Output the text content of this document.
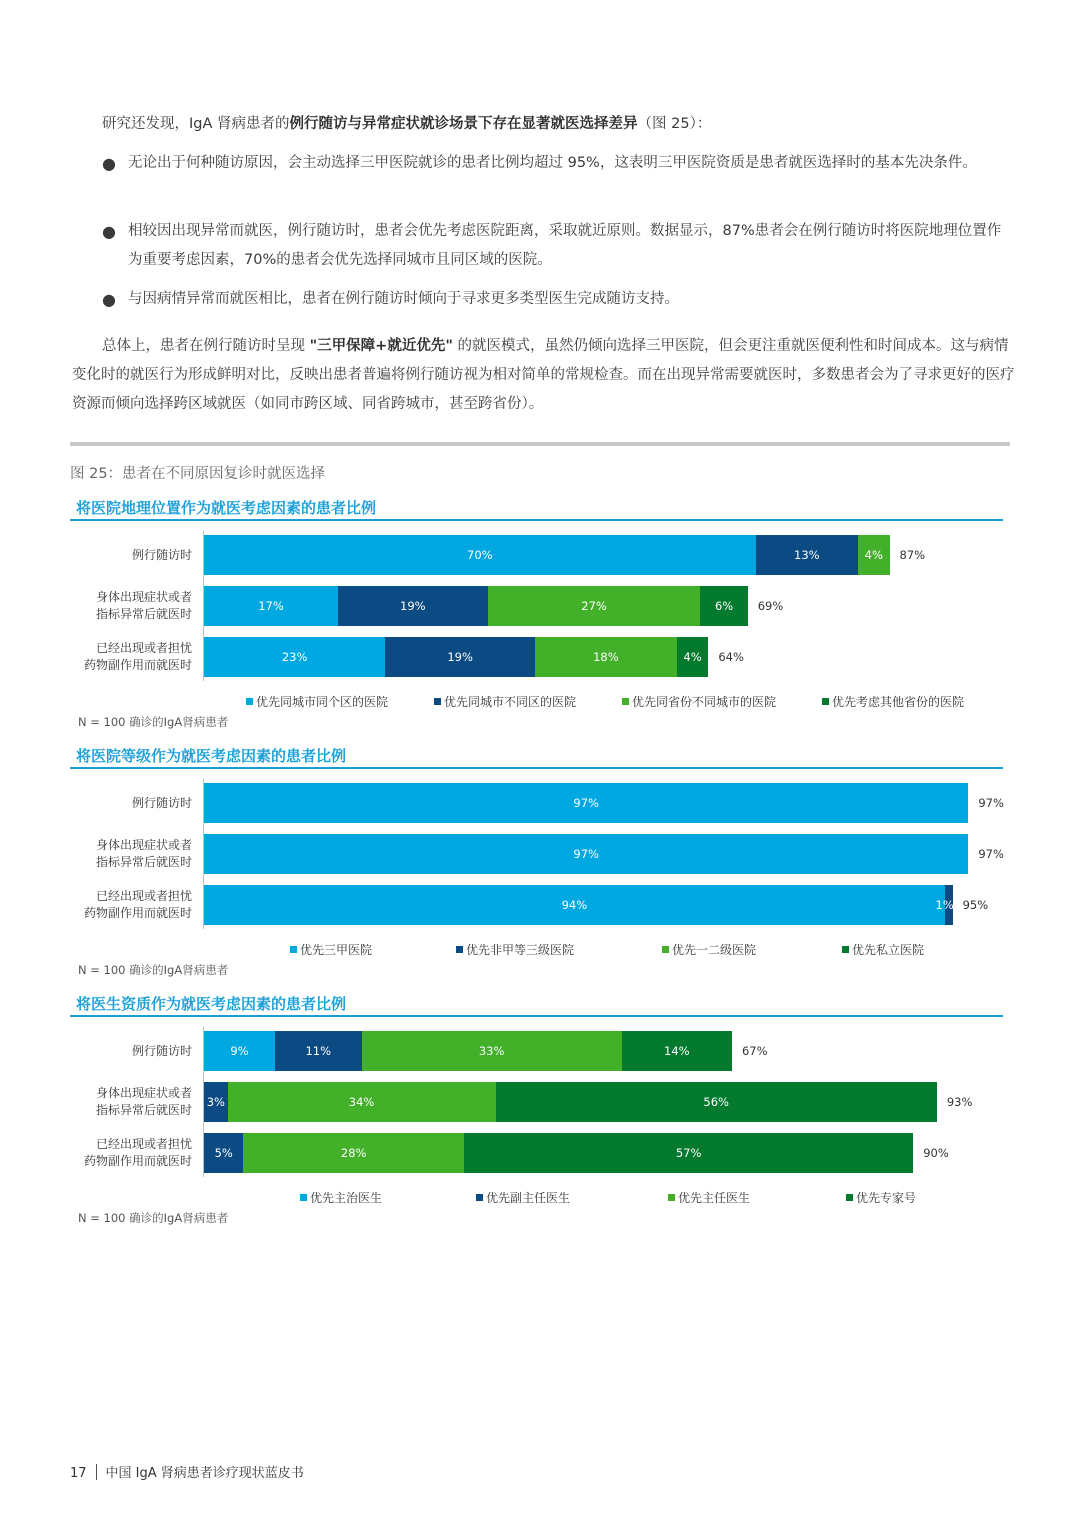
研究还发现，IgA 肾病患者的例行随访与异常症状就诊场景下存在显著就医选择差异（图 25）：
● 无论出于何种随访原因，会主动选择三甲医院就诊的患者比例均超过 95%，这表明三甲医院资质是患者就医选择时的基本先决条件。
● 相较因出现异常而就医，例行随访时，患者会优先考虑医院距离，采取就近原则。数据显示，87%患者会在例行随访时将医院地理位置作为重要考虑因素，70%的患者会优先选择同城市且同区域的医院。
● 与因病情异常而就医相比，患者在例行随访时倾向于寻求更多类型医生完成随访支持。
总体上，患者在例行随访时呈现 "三甲保障+就近优先" 的就医模式，虽然仍倾向选择三甲医院，但会更注重就医便利性和时间成本。这与病情变化时的就医行为形成鲜明对比，反映出患者普遍将例行随访视为相对简单的常规检查。而在出现异常需要就医时，多数患者会为了寻求更好的医疗资源而倾向选择跨区域就医（如同市跨区域、同省跨城市，甚至跨省份）。
图 25：患者在不同原因复诊时就医选择
将医院地理位置作为就医考虑因素的患者比例
例行随访时	70%	13%	4% 87%
身体出现症状或者
指标异常后就医时
17%	19%	27%	6% 69%
已经出现或者担忧
药物副作用而就医时
23%	19%	18%	4% 64%
优先同城市同个区的医院	优先同城市不同区的医院	优先同省份不同城市的医院	优先考虑其他省份的医院
N = 100 确诊的IgA肾病患者
将医院等级作为就医考虑因素的患者比例
例行随访时	97%	97%
身体出现症状或者
指标异常后就医时
97%	97%
已经出现或者担忧
药物副作用而就医时
94%	1% 95%
优先三甲医院	优先非甲等三级医院	优先一二级医院	优先私立医院
N = 100 确诊的IgA肾病患者
将医生资质作为就医考虑因素的患者比例
例行随访时	9%	11%	33%	14%	67%
身体出现症状或者
指标异常后就医时
3%	34%	56%	93%
已经出现或者担忧
药物副作用而就医时
5%	28%	57%	90%
优先主治医生	优先副主任医生	优先主任医生	优先专家号
N = 100 确诊的IgA肾病患者
17 中国 IgA 肾病患者诊疗现状蓝皮书
